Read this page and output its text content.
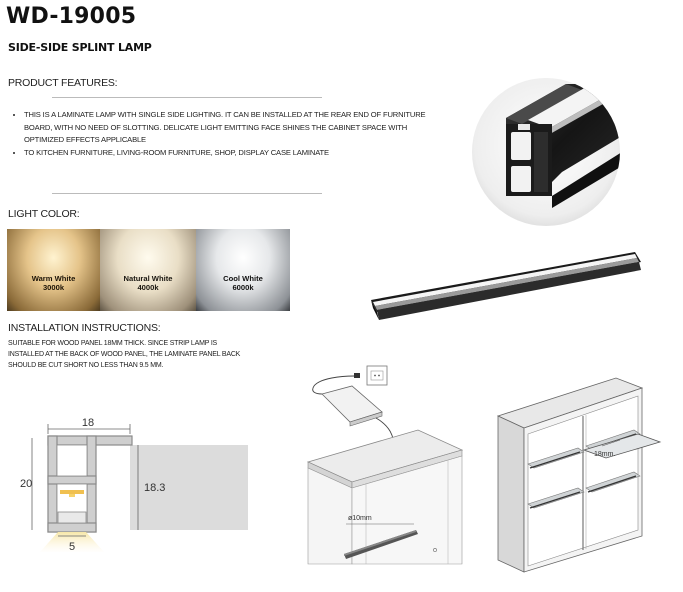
WD-19005
SIDE-SIDE SPLINT LAMP
PRODUCT FEATURES:
• THIS IS A LAMINATE LAMP WITH SINGLE SIDE LIGHTING. IT CAN BE INSTALLED AT THE REAR END OF FURNITURE BOARD, WITH NO NEED OF SLOTTING. DELICATE LIGHT EMITTING FACE SHINES THE CABINET SPACE WITH OPTIMIZED EFFECTS APPLICABLE
• TO KITCHEN FURNITURE, LIVING-ROOM FURNITURE, SHOP, DISPLAY CASE LAMINATE
LIGHT COLOR:
Warm White
3000k
Natural White
4000k
Cool White
6000k
INSTALLATION INSTRUCTIONS:
SUITABLE FOR WOOD PANEL 18MM THICK. SINCE STRIP LAMP IS INSTALLED AT THE BACK OF WOOD PANEL, THE LAMINATE PANEL BACK SHOULD BE CUT SHORT NO LESS THAN 9.5 MM.
18
20	18.3
5
ø10mm
18mm.
